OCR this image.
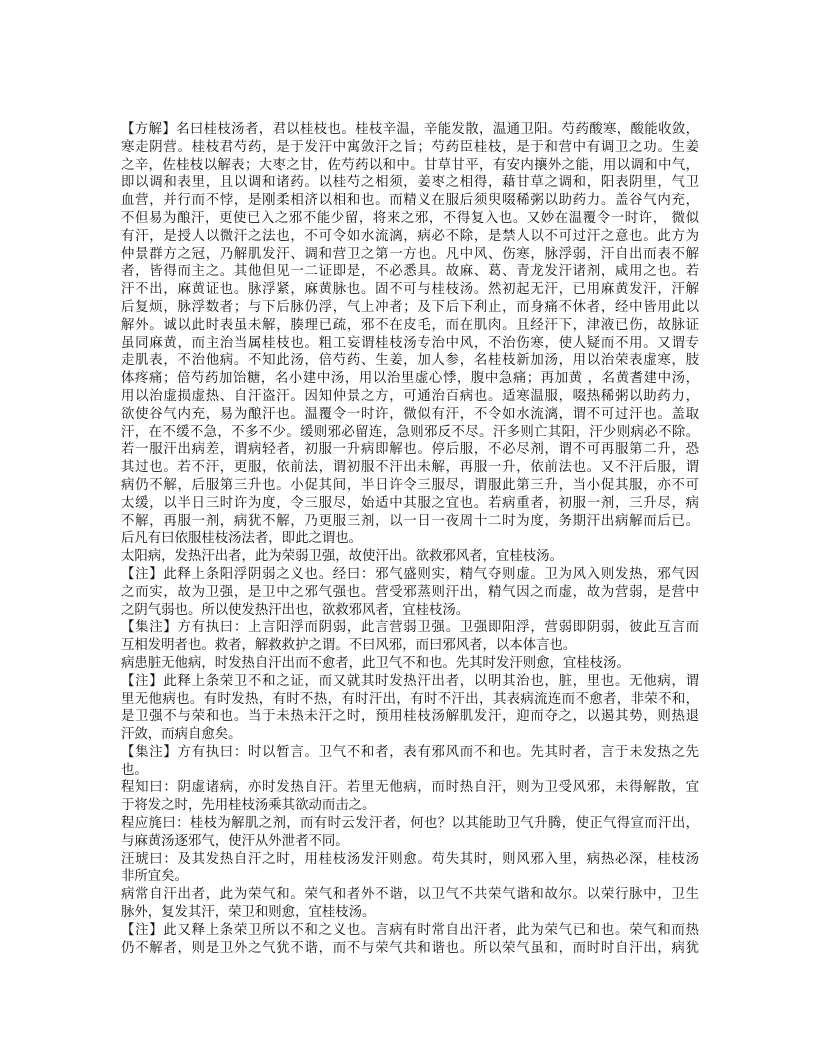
【方解】名曰桂枝汤者，君以桂枝也。桂枝辛温，辛能发散，温通卫阳。芍药酸寒，酸能收敛，
寒走阴营。桂枝君芍药，是于发汗中寓敛汗之旨；芍药臣桂枝，是于和营中有调卫之功。生姜
之辛，佐桂枝以解表；大枣之甘，佐芍药以和中。甘草甘平，有安内攘外之能，用以调和中气，
即以调和表里，且以调和诸药。以桂芍之相须，姜枣之相得，藉甘草之调和，阳表阴里，气卫
血营，并行而不悖，是刚柔相济以相和也。而精义在服后须臾啜稀粥以助药力。盖谷气内充，
不但易为酿汗，更使已入之邪不能少留，将来之邪，不得复入也。又妙在温覆令一时许， 微似
有汗，是授人以微汗之法也，不可令如水流漓，病必不除，是禁人以不可过汗之意也。此方为
仲景群方之冠，乃解肌发汗、调和营卫之第一方也。凡中风、伤寒，脉浮弱，汗自出而表不解
者，皆得而主之。其他但见一二证即是，不必悉具。故麻、葛、青龙发汗诸剂，咸用之也。若
汗不出，麻黄证也。脉浮紧，麻黄脉也。固不可与桂枝汤。然初起无汗，已用麻黄发汗，汗解
后复烦，脉浮数者；与下后脉仍浮，气上冲者；及下后下利止，而身痛不休者，经中皆用此以
解外。诚以此时表虽未解，腠理已疏，邪不在皮毛，而在肌肉。且经汗下，津液已伤，故脉证
虽同麻黄，而主治当属桂枝也。粗工妄谓桂枝汤专治中风，不治伤寒，使人疑而不用。又谓专
走肌表，不治他病。不知此汤，倍芍药、生姜，加人参，名桂枝新加汤，用以治荣表虚寒，肢
体疼痛；倍芍药加饴糖，名小建中汤，用以治里虚心悸，腹中急痛；再加黄 ，名黄耆建中汤，
用以治虚损虚热、自汗盗汗。因知仲景之方，可通治百病也。适寒温服，啜热稀粥以助药力，
欲使谷气内充，易为酿汗也。温覆令一时许，微似有汗，不令如水流漓，谓不可过汗也。盖取
汗，在不缓不急，不多不少。缓则邪必留连，急则邪反不尽。汗多则亡其阳，汗少则病必不除。
若一服汗出病差，谓病轻者，初服一升病即解也。停后服，不必尽剂，谓不可再服第二升，恐
其过也。若不汗，更服，依前法，谓初服不汗出未解，再服一升，依前法也。又不汗后服，谓
病仍不解，后服第三升也。小促其间，半日许令三服尽，谓服此第三升，当小促其服，亦不可
太缓，以半日三时许为度，令三服尽，始适中其服之宜也。若病重者，初服一剂，三升尽，病
不解，再服一剂，病犹不解，乃更服三剂，以一日一夜周十二时为度，务期汗出病解而后已。
后凡有曰依服桂枝汤法者，即此之谓也。
太阳病，发热汗出者，此为荣弱卫强，故使汗出。欲救邪风者，宜桂枝汤。
【注】此释上条阳浮阴弱之义也。经曰：邪气盛则实，精气夺则虚。卫为风入则发热，邪气因
之而实，故为卫强，是卫中之邪气强也。营受邪蒸则汗出，精气因之而虚，故为营弱，是营中
之阴气弱也。所以使发热汗出也，欲救邪风者，宜桂枝汤。
【集注】方有执曰：上言阳浮而阴弱，此言营弱卫强。卫强即阳浮，营弱即阴弱，彼此互言而
互相发明者也。救者，解救救护之谓。不曰风邪，而曰邪风者，以本体言也。
病患脏无他病，时发热自汗出而不愈者，此卫气不和也。先其时发汗则愈，宜桂枝汤。
【注】此释上条荣卫不和之证，而又就其时发热汗出者，以明其治也，脏，里也。无他病，谓
里无他病也。有时发热，有时不热，有时汗出，有时不汗出，其表病流连而不愈者，非荣不和，
是卫强不与荣和也。当于未热未汗之时，预用桂枝汤解肌发汗，迎而夺之，以遏其势，则热退
汗敛，而病自愈矣。
【集注】方有执曰：时以暂言。卫气不和者，表有邪风而不和也。先其时者，言于未发热之先
也。
程知曰：阴虚诸病，亦时发热自汗。若里无他病，而时热自汗，则为卫受风邪，未得解散，宜
于将发之时，先用桂枝汤乘其欲动而击之。
程应旄曰：桂枝为解肌之剂，而有时云发汗者，何也？以其能助卫气升腾，使正气得宣而汗出，
与麻黄汤逐邪气，使汗从外泄者不同。
汪琥曰：及其发热自汗之时，用桂枝汤发汗则愈。苟失其时，则风邪入里，病热必深，桂枝汤
非所宜矣。
病常自汗出者，此为荣气和。荣气和者外不谐，以卫气不共荣气谐和故尔。以荣行脉中，卫生
脉外，复发其汗，荣卫和则愈，宜桂枝汤。
【注】此又释上条荣卫所以不和之义也。言病有时常自出汗者，此为荣气已和也。荣气和而热
仍不解者，则是卫外之气犹不谐，而不与荣气共和谐也。所以荣气虽和，而时时自汗出，病犹
